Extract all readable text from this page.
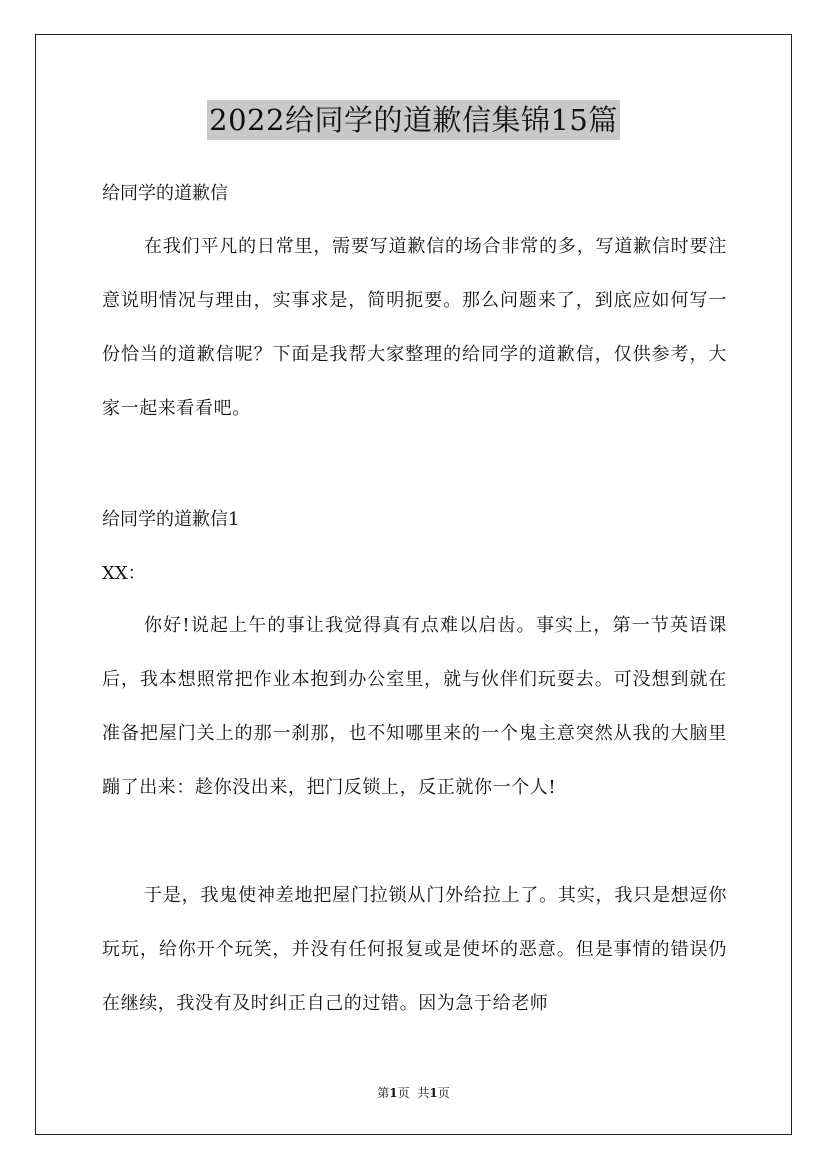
2022给同学的道歉信集锦15篇
给同学的道歉信
在我们平凡的日常里，需要写道歉信的场合非常的多，写道歉信时要注意说明情况与理由，实事求是，简明扼要。那么问题来了，到底应如何写一份恰当的道歉信呢？下面是我帮大家整理的给同学的道歉信，仅供参考，大家一起来看看吧。
给同学的道歉信1
XX：
你好!说起上午的事让我觉得真有点难以启齿。事实上，第一节英语课后，我本想照常把作业本抱到办公室里，就与伙伴们玩耍去。可没想到就在准备把屋门关上的那一刹那，也不知哪里来的一个鬼主意突然从我的大脑里蹦了出来：趁你没出来，把门反锁上，反正就你一个人!
于是，我鬼使神差地把屋门拉锁从门外给拉上了。其实，我只是想逗你玩玩，给你开个玩笑，并没有任何报复或是使坏的恶意。但是事情的错误仍在继续，我没有及时纠正自己的过错。因为急于给老师
第1页 共1页
